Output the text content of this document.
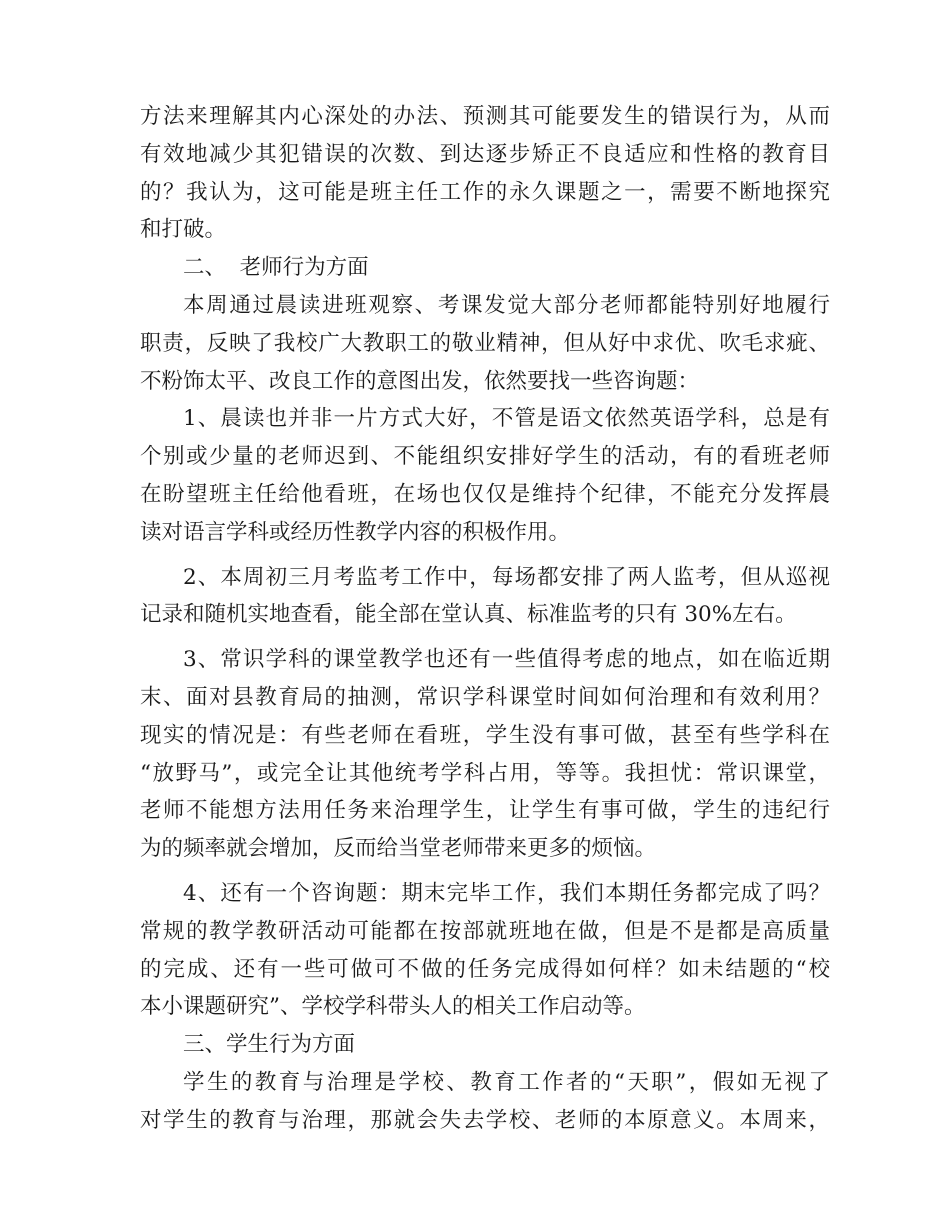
方法来理解其内心深处的办法、预测其可能要发生的错误行为，从而
有效地减少其犯错误的次数、到达逐步矫正不良适应和性格的教育目
的？我认为，这可能是班主任工作的永久课题之一，需要不断地探究
和打破。
二、  老师行为方面
本周通过晨读进班观察、考课发觉大部分老师都能特别好地履行
职责，反映了我校广大教职工的敬业精神，但从好中求优、吹毛求疵、
不粉饰太平、改良工作的意图出发，依然要找一些咨询题：
1、晨读也并非一片方式大好，不管是语文依然英语学科，总是有
个别或少量的老师迟到、不能组织安排好学生的活动，有的看班老师
在盼望班主任给他看班，在场也仅仅是维持个纪律，不能充分发挥晨
读对语言学科或经历性教学内容的积极作用。
2、本周初三月考监考工作中，每场都安排了两人监考，但从巡视
记录和随机实地查看，能全部在堂认真、标准监考的只有 30%左右。
3、常识学科的课堂教学也还有一些值得考虑的地点，如在临近期
末、面对县教育局的抽测，常识学科课堂时间如何治理和有效利用？
现实的情况是：有些老师在看班，学生没有事可做，甚至有些学科在
“放野马”，或完全让其他统考学科占用，等等。我担忧：常识课堂，
老师不能想方法用任务来治理学生，让学生有事可做，学生的违纪行
为的频率就会增加，反而给当堂老师带来更多的烦恼。
4、还有一个咨询题：期末完毕工作，我们本期任务都完成了吗？
常规的教学教研活动可能都在按部就班地在做，但是不是都是高质量
的完成、还有一些可做可不做的任务完成得如何样？如未结题的“校
本小课题研究”、学校学科带头人的相关工作启动等。
三、学生行为方面
学生的教育与治理是学校、教育工作者的“天职”，假如无视了
对学生的教育与治理，那就会失去学校、老师的本原意义。本周来，
